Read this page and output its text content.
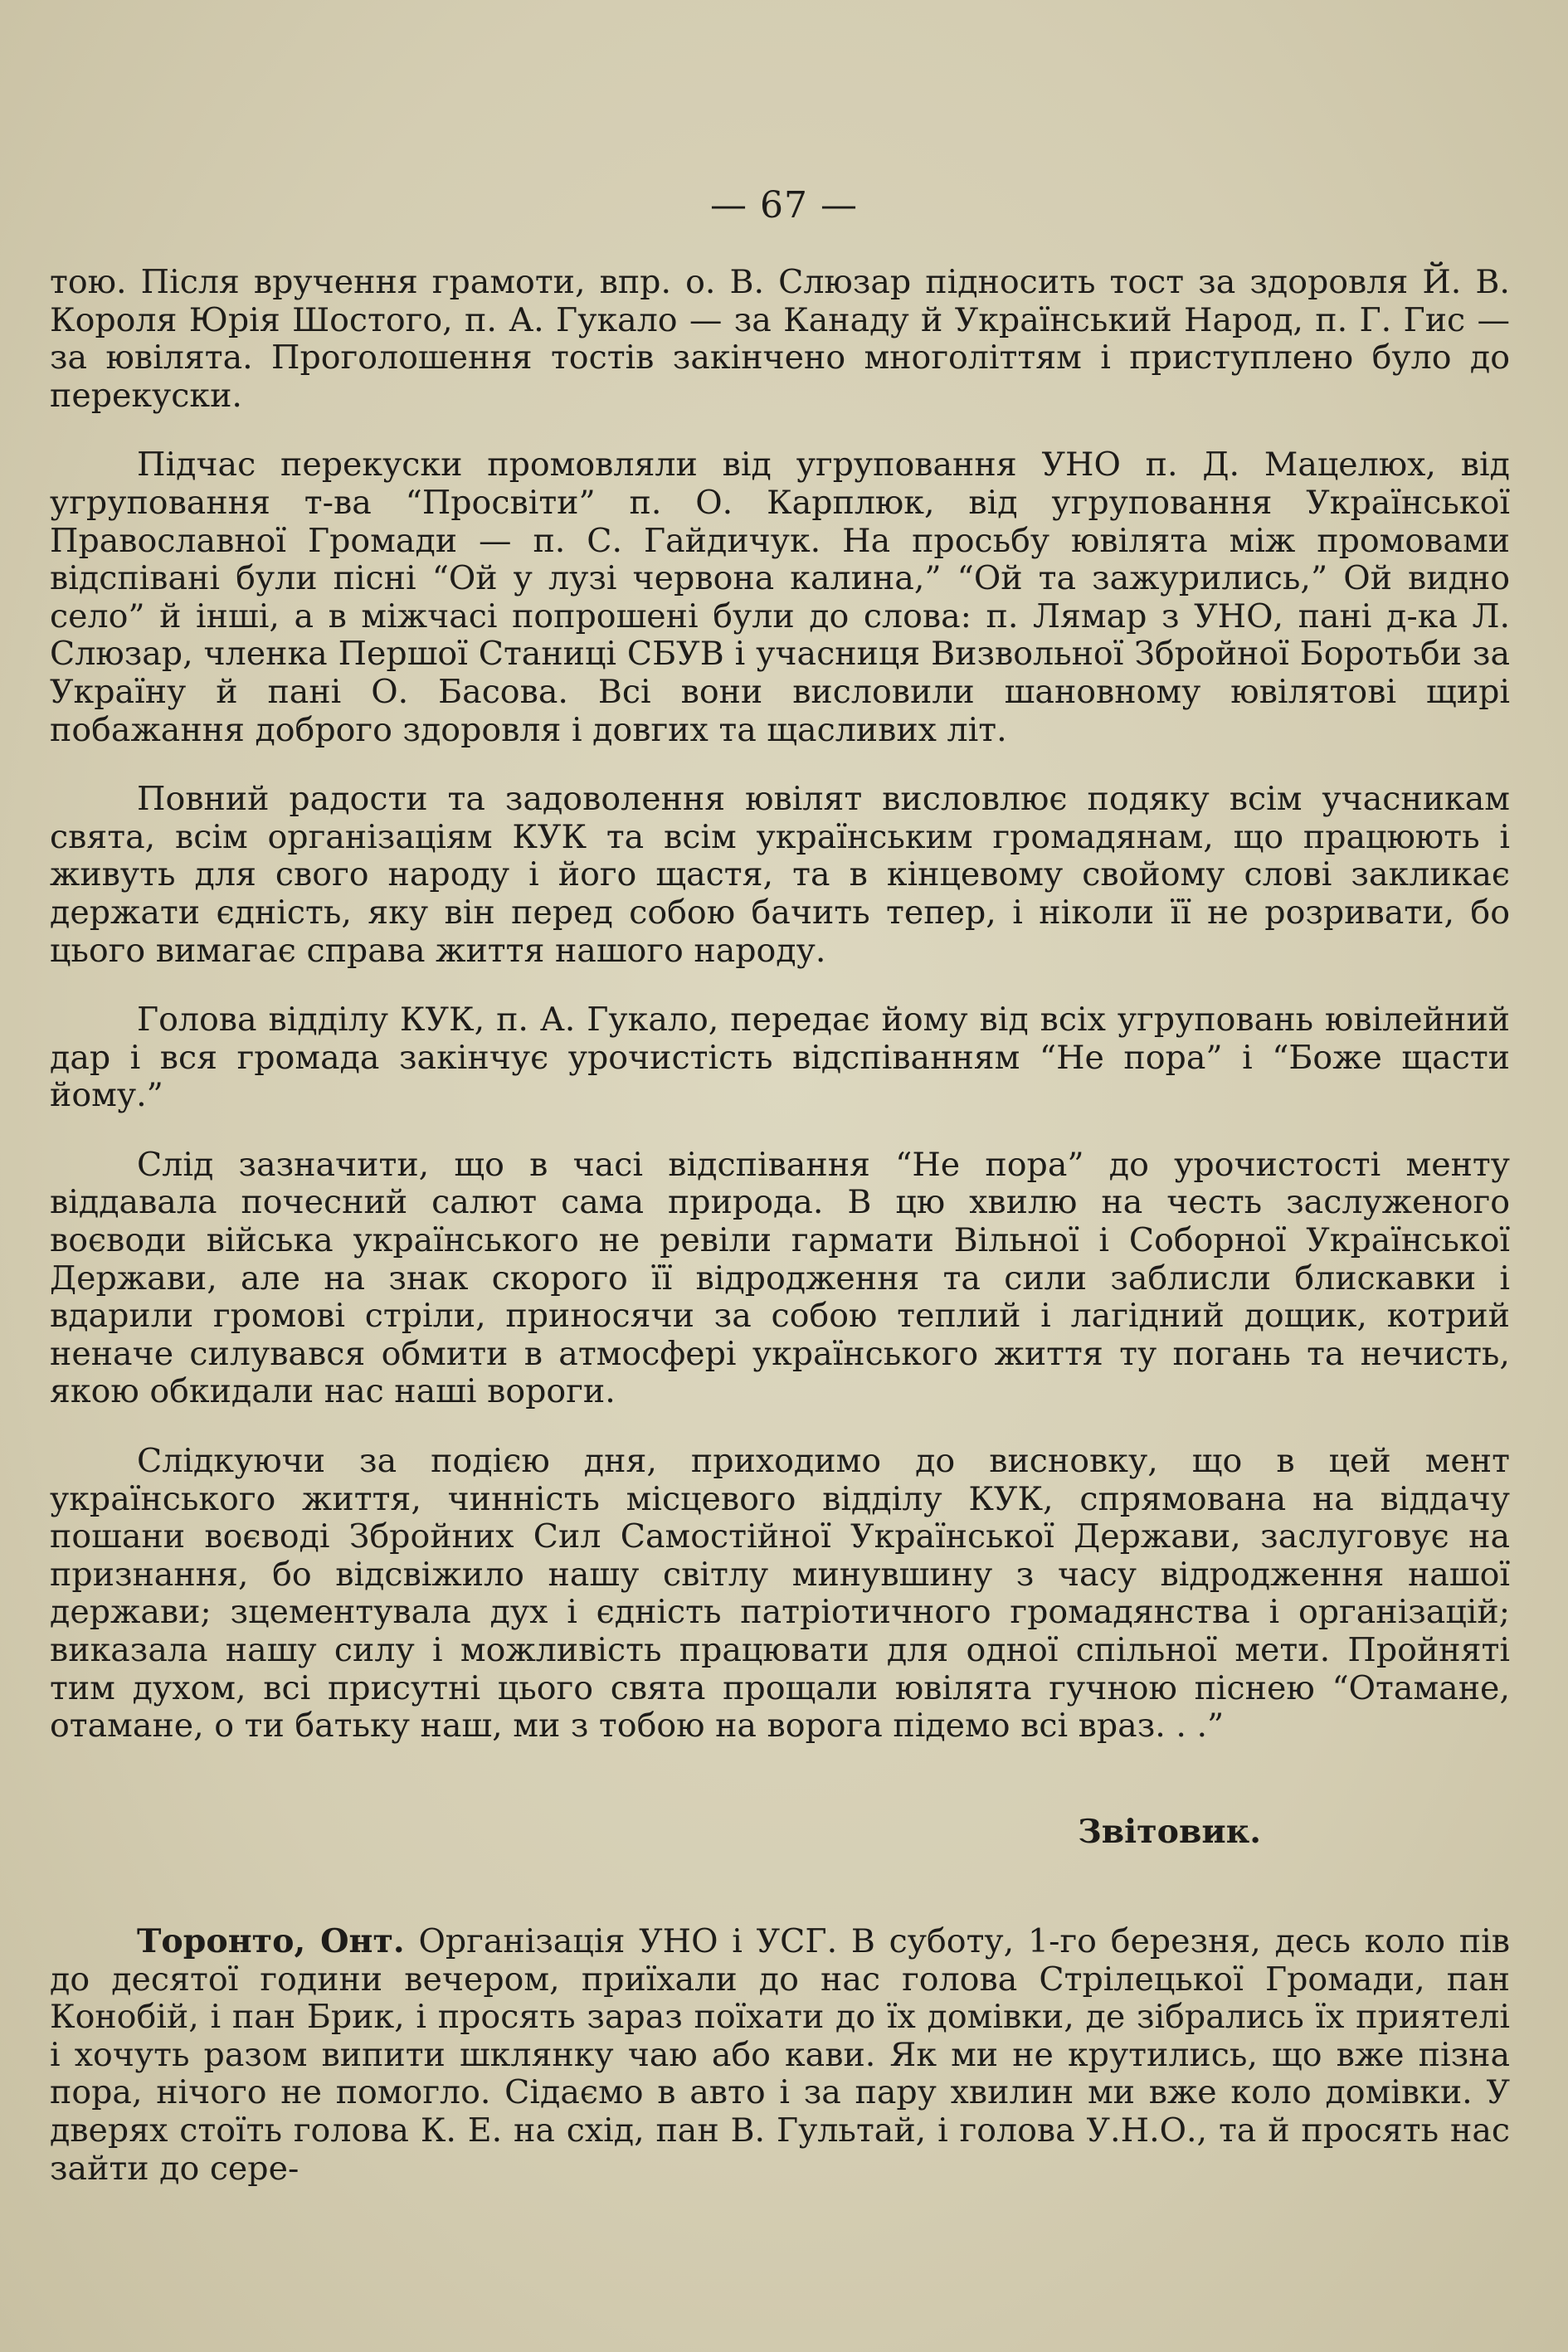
— 67 —

тою. Після вручення грамоти, впр. о. В. Слюзар підносить тост за здоровля Й. В. Короля Юрія Шостого, п. А. Гукало — за Канаду й Український Народ, п. Г. Гис — за ювілята. Проголошення тостів закінчено многоліттям і приступлено було до перекуски.

Підчас перекуски промовляли від угруповання УНО п. Д. Мацелюх, від угруповання т-ва “Просвіти” п. О. Карплюк, від угруповання Української Православної Громади — п. С. Гайдичук. На просьбу ювілята між промовами відспівані були пісні “Ой у лузі червона калина,” “Ой та зажурились,” Ой видно село” й інші, а в міжчасі попрошені були до слова: п. Лямар з УНО, пані д-ка Л. Слюзар, членка Першої Станиці СБУВ і учасниця Визвольної Збройної Боротьби за Україну й пані О. Басова. Всі вони висловили шановному ювілятові щирі побажання доброго здоровля і довгих та щасливих літ.

Повний радости та задоволення ювілят висловлює подяку всім учасникам свята, всім організаціям КУК та всім українським громадянам, що працюють і живуть для свого народу і його щастя, та в кінцевому свойому слові закликає держати єдність, яку він перед собою бачить тепер, і ніколи її не розривати, бо цього вимагає справа життя нашого народу.

Голова відділу КУК, п. А. Гукало, передає йому від всіх угруповань ювілейний дар і вся громада закінчує урочистість відспіванням “Не пора” і “Боже щасти йому.”

Слід зазначити, що в часі відспівання “Не пора” до урочистості менту віддавала почесний салют сама природа. В цю хвилю на честь заслуженого воєводи війська українського не ревіли гармати Вільної і Соборної Української Держави, але на знак скорого її відродження та сили заблисли блискавки і вдарили громові стріли, приносячи за собою теплий і лагідний дощик, котрий неначе силувався обмити в атмосфері українського життя ту погань та нечисть, якою обкидали нас наші вороги.

Слідкуючи за подією дня, приходимо до висновку, що в цей мент українського життя, чинність місцевого відділу КУК, спрямована на віддачу пошани воєводі Збройних Сил Самостійної Української Держави, заслуговує на признання, бо відсвіжило нашу світлу минувшину з часу відродження нашої держави; зцементувала дух і єдність патріотичного громадянства і організацій; виказала нашу силу і можливість працювати для одної спільної мети. Пройняті тим духом, всі присутні цього свята прощали ювілята гучною піснею “Отамане, отамане, о ти батьку наш, ми з тобою на ворога підемо всі враз. . .”

Звітовик.

Торонто, Онт. Організація УНО і УСГ. В суботу, 1-го березня, десь коло пів до десятої години вечером, приїхали до нас голова Стрілецької Громади, пан Конобій, і пан Брик, і просять зараз поїхати до їх домівки, де зібрались їх приятелі і хочуть разом випити шклянку чаю або кави. Як ми не крутились, що вже пізна пора, нічого не помогло. Сідаємо в авто і за пару хвилин ми вже коло домівки. У дверях стоїть голова К. Е. на схід, пан В. Гультай, і голова У.Н.О., та й просять нас зайти до сере-
